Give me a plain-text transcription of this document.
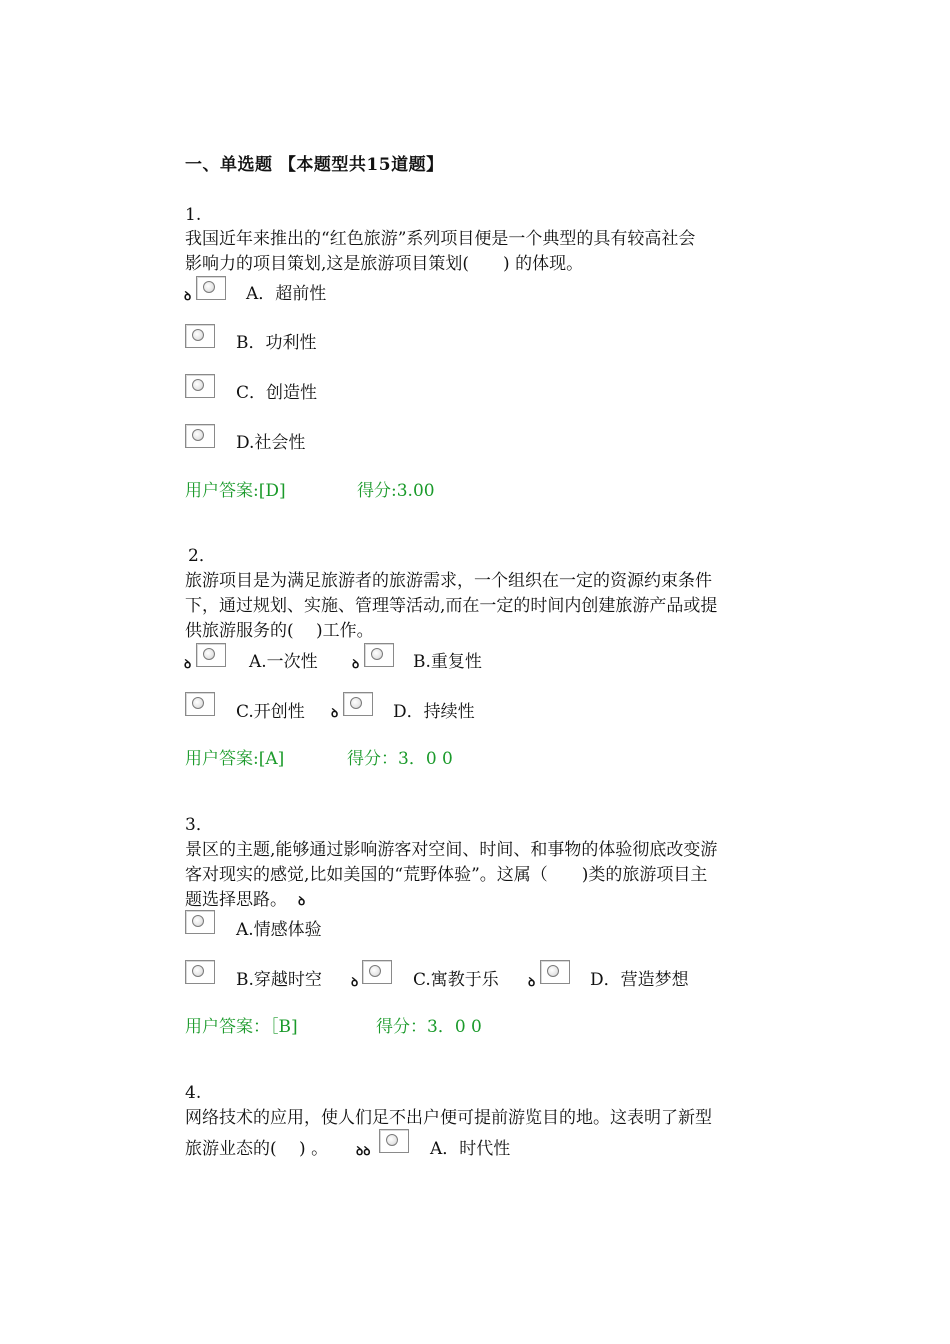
一、单选题 【本题型共15道题】
1.
我国近年来推出的“红色旅游”系列项目便是一个典型的具有较高社会
影响力的项目策划,这是旅游项目策划(　　) 的体现。
ꝺ	A．超前性
B．功利性
C．创造性
D.社会性
用户答案:[D]	得分:3.00
2．
旅游项目是为满足旅游者的旅游需求，一个组织在一定的资源约束条件
下，通过规划、实施、管理等活动,而在一定的时间内创建旅游产品或提
供旅游服务的(　 )工作。
ꝺ	A.一次性	ꝺ	B.重复性
C.开创性 ꝺ	D．持续性
用户答案:[A]	得分：3．0 0
3．
景区的主题,能够通过影响游客对空间、时间、和事物的体验彻底改变游
客对现实的感觉,比如美国的“荒野体验”。这属（　　)类的旅游项目主
题选择思路。 ꝺ
A.情感体验
B.穿越时空 ꝺ	C.寓教于乐 ꝺ	D．营造梦想
用户答案：［B]	得分：3．0 0
4.
网络技术的应用，使人们足不出户便可提前游览目的地。这表明了新型
旅游业态的(　 ) 。 ꝺꝺ	A．时代性
